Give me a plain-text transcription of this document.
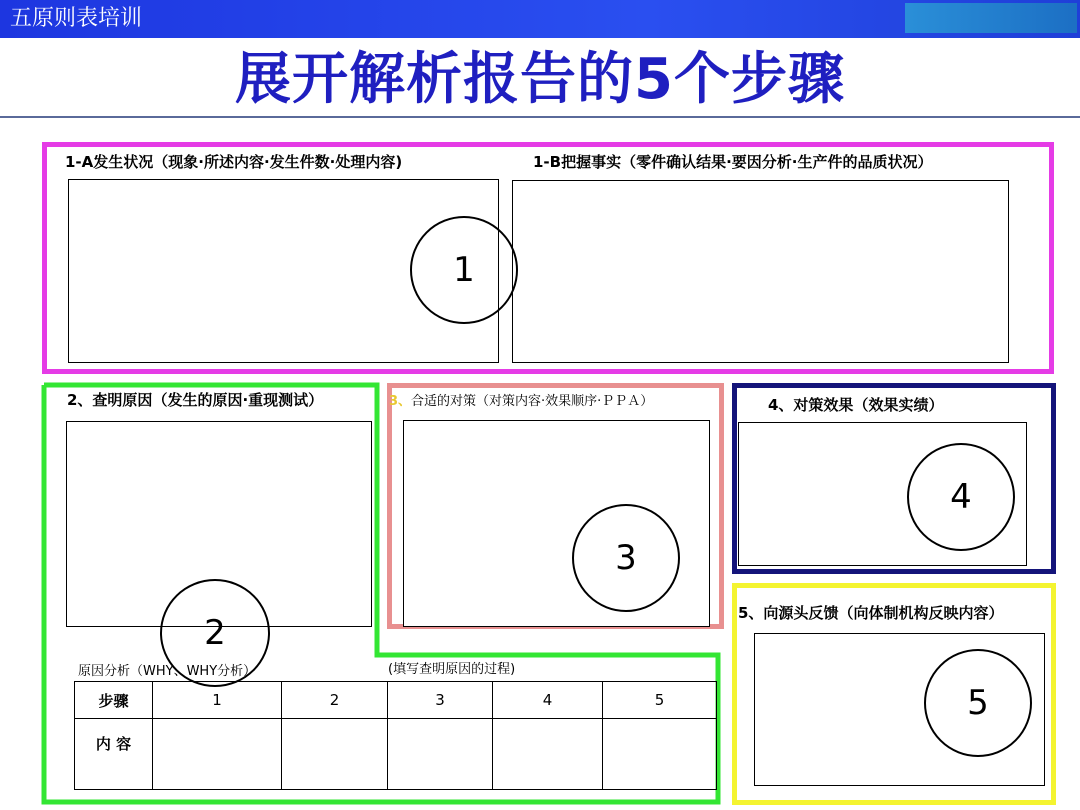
五原则表培训
展开解析报告的5个步骤
1-A发生状况（现象·所述内容·发生件数·处理内容)	1-B把握事实（零件确认结果·要因分析·生产件的品质状况）
1
2、查明原因（发生的原因·重现测试）
2
原因分析（WHY、WHY分析）	(填写查明原因的过程)
步骤	1	2	3	4	5
内 容					
3、合适的对策（对策内容·效果顺序·ＰＰＡ）
3
4、对策效果（效果实绩）
4
5、向源头反馈（向体制机构反映内容）
5
